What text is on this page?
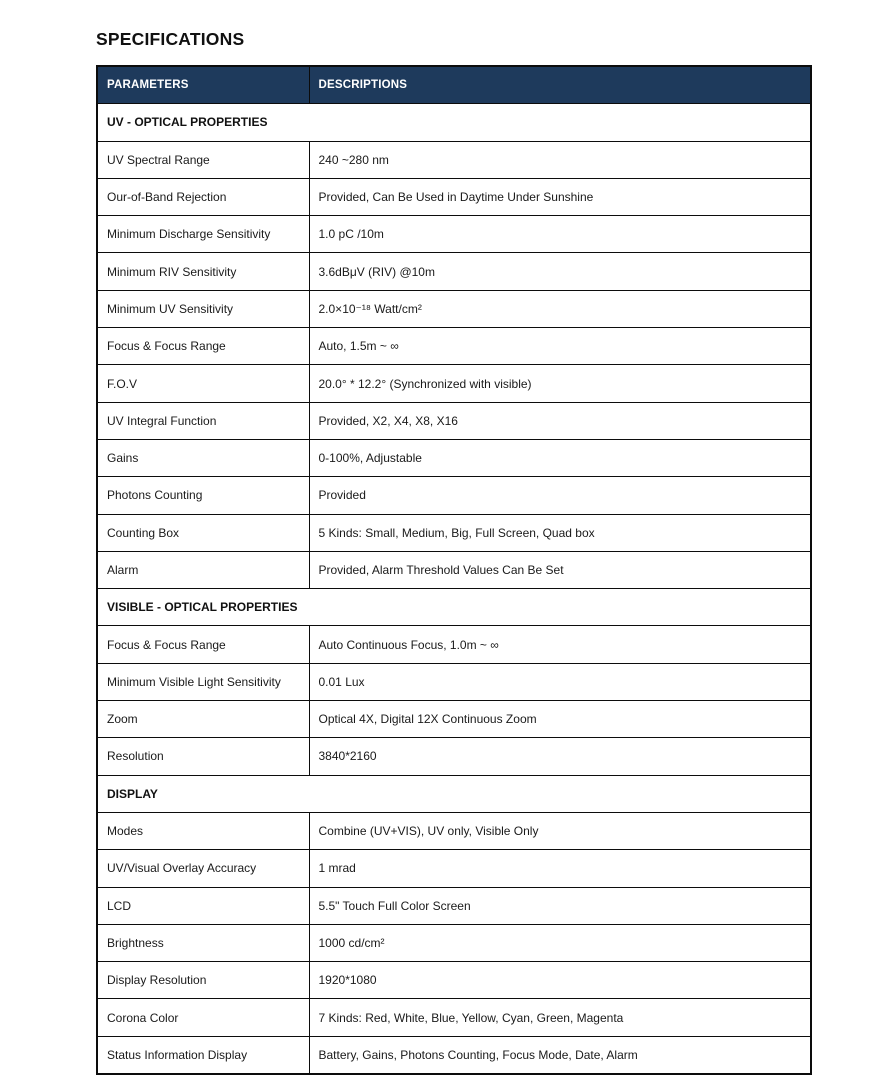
SPECIFICATIONS
PARAMETERS	DESCRIPTIONS
UV - OPTICAL PROPERTIES	
UV Spectral Range	240 ~280 nm
Our-of-Band Rejection	Provided, Can Be Used in Daytime Under Sunshine
Minimum Discharge Sensitivity	1.0 pC /10m
Minimum RIV Sensitivity	3.6dBμV (RIV) @10m
Minimum UV Sensitivity	2.0×10⁻¹⁸ Watt/cm²
Focus & Focus Range	Auto, 1.5m ~ ∞
F.O.V	20.0° * 12.2° (Synchronized with visible)
UV Integral Function	Provided, X2, X4, X8, X16
Gains	0-100%, Adjustable
Photons Counting	Provided
Counting Box	5 Kinds: Small, Medium, Big, Full Screen, Quad box
Alarm	Provided, Alarm Threshold Values Can Be Set
VISIBLE - OPTICAL PROPERTIES	
Focus & Focus Range	Auto Continuous Focus, 1.0m ~ ∞
Minimum Visible Light Sensitivity	0.01 Lux
Zoom	Optical 4X, Digital 12X Continuous Zoom
Resolution	3840*2160
DISPLAY	
Modes	Combine (UV+VIS), UV only, Visible Only
UV/Visual Overlay Accuracy	1 mrad
LCD	5.5" Touch Full Color Screen
Brightness	1000 cd/cm²
Display Resolution	1920*1080
Corona Color	7 Kinds: Red, White, Blue, Yellow, Cyan, Green, Magenta
Status Information Display	Battery, Gains, Photons Counting, Focus Mode, Date, Alarm
